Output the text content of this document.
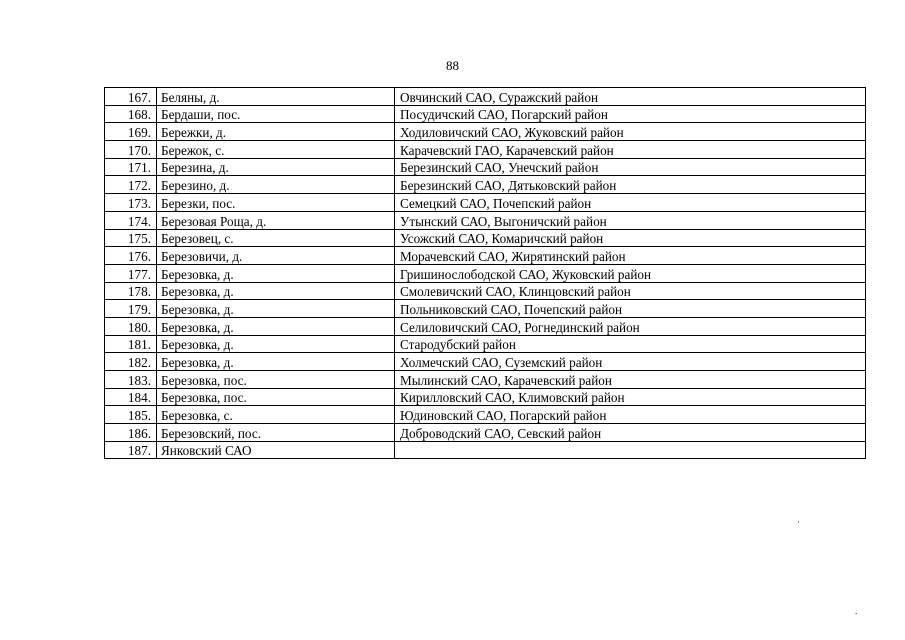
88
167.	Беляны, д.	Овчинский САО, Суражский район
168.	Бердаши, пос.	Посудичский САО, Погарский район
169.	Бережки, д.	Ходиловичский САО, Жуковский район
170.	Бережок, с.	Карачевский ГАО, Карачевский район
171.	Березина, д.	Березинский САО, Унечский район
172.	Березино, д.	Березинский САО, Дятьковский район
173.	Березки, пос.	Семецкий САО, Почепский район
174.	Березовая Роща, д.	Утынский САО, Выгоничский район
175.	Березовец, с.	Усожский САО, Комаричский район
176.	Березовичи, д.	Морачевский САО, Жирятинский район
177.	Березовка, д.	Гришинослободской САО, Жуковский район
178.	Березовка, д.	Смолевичский САО, Клинцовский район
179.	Березовка, д.	Польниковский САО, Почепский район
180.	Березовка, д.	Селиловичский САО, Рогнединский район
181.	Березовка, д.	Стародубский район
182.	Березовка, д.	Холмечский САО, Суземский район
183.	Березовка, пос.	Мылинский САО, Карачевский район
184.	Березовка, пос.	Кирилловский САО, Климовский район
185.	Березовка, с.	Юдиновский САО, Погарский район
186.	Березовский, пос.	Доброводский САО, Севский район
187.	Янковский САО	
·
.
